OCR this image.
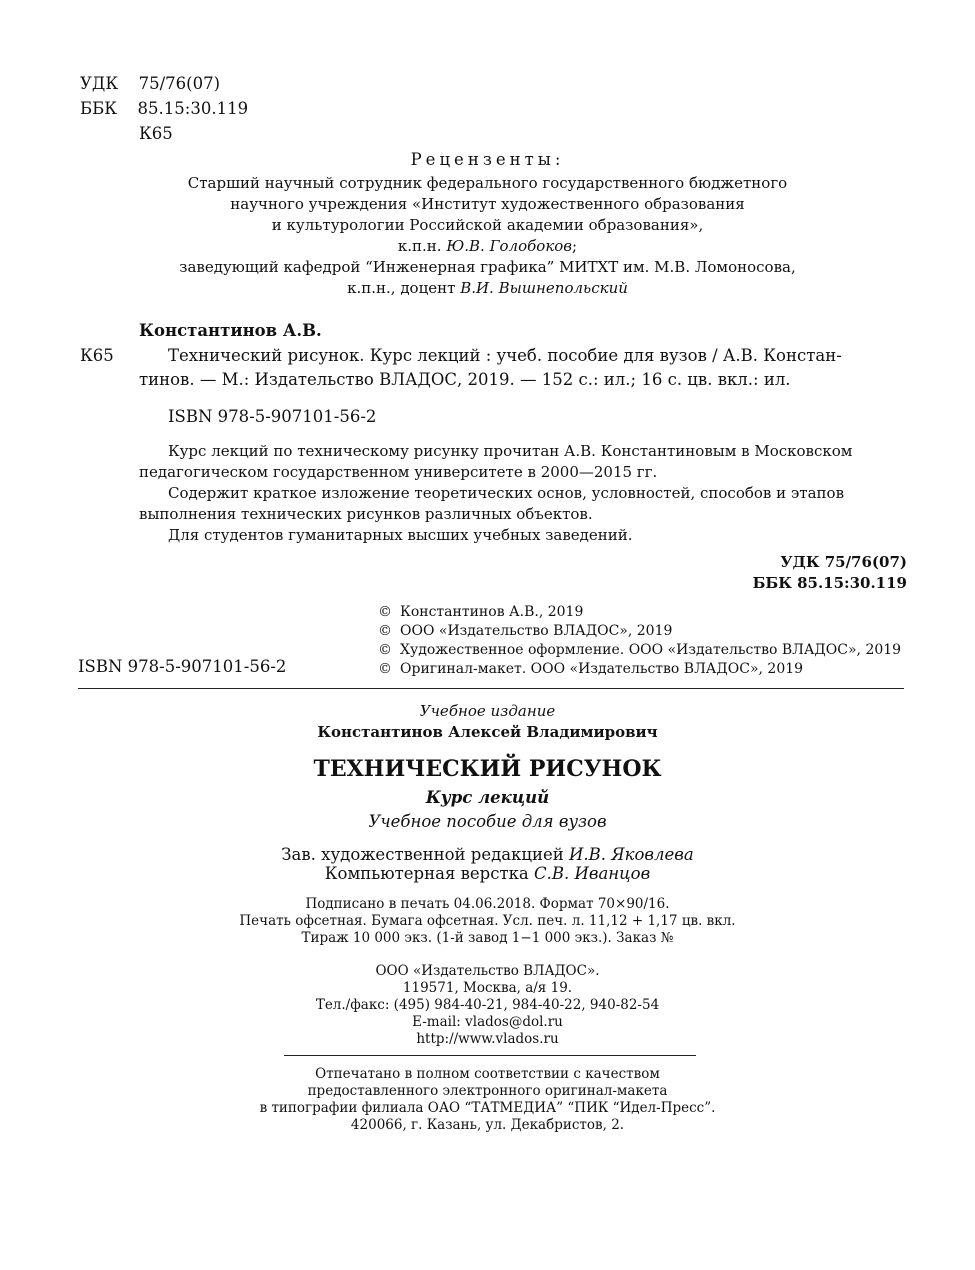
УДК 75/76(07)
ББК 85.15:30.119
К65
Рецензенты:
Старший научный сотрудник федерального государственного бюджетного
научного учреждения «Институт художественного образования
и культурологии Российской академии образования»,
к.п.н. Ю.В. Голобоков;
заведующий кафедрой “Инженерная графика” МИТХТ им. М.В. Ломоносова,
к.п.н., доцент В.И. Вышнепольский
Константинов А.В.
К65	Технический рисунок. Курс лекций : учеб. пособие для вузов / А.В. Констан-
тинов. — М.: Издательство ВЛАДОС, 2019. — 152 с.: ил.; 16 с. цв. вкл.: ил.
ISBN 978-5-907101-56-2
Курс лекций по техническому рисунку прочитан А.В. Константиновым в Московском
педагогическом государственном университете в 2000—2015 гг.
Содержит краткое изложение теоретических основ, условностей, способов и этапов
выполнения технических рисунков различных объектов.
Для студентов гуманитарных высших учебных заведений.
УДК 75/76(07)
ББК 85.15:30.119
© Константинов А.В., 2019
© ООО «Издательство ВЛАДОС», 2019
© Художественное оформление. ООО «Издательство ВЛАДОС», 2019
© Оригинал-макет. ООО «Издательство ВЛАДОС», 2019
ISBN 978-5-907101-56-2
Учебное издание
Константинов Алексей Владимирович
ТЕХНИЧЕСКИЙ РИСУНОК
Курс лекций
Учебное пособие для вузов
Зав. художественной редакцией И.В. Яковлева
Компьютерная верстка С.В. Иванцов
Подписано в печать 04.06.2018. Формат 70×90/16.
Печать офсетная. Бумага офсетная. Усл. печ. л. 11,12 + 1,17 цв. вкл.
Тираж 10 000 экз. (1-й завод 1−1 000 экз.). Заказ №
ООО «Издательство ВЛАДОС».
119571, Москва, а/я 19.
Тел./факс: (495) 984-40-21, 984-40-22, 940-82-54
E-mail: vlados@dol.ru
http://www.vlados.ru
Отпечатано в полном соответствии с качеством
предоставленного электронного оригинал-макета
в типографии филиала ОАО “ТАТМЕДИА” “ПИК “Идел-Пресс”.
420066, г. Казань, ул. Декабристов, 2.
